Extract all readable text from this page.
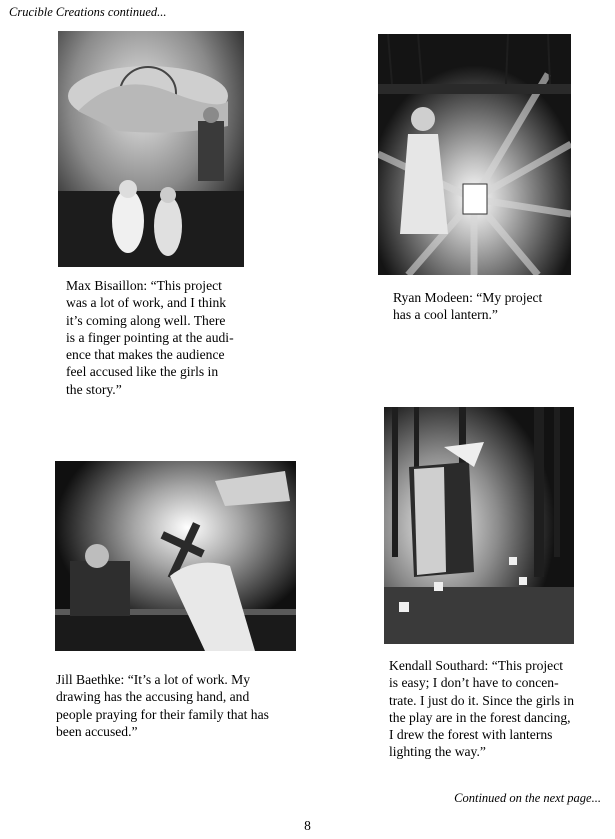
Crucible Creations continued...
Max Bisaillon: “This project
was a lot of work, and I think
it’s coming along well. There
is a finger pointing at the audi-
ence that makes the audience
feel accused like the girls in
the story.”
Ryan Modeen: “My project
has a cool lantern.”
Jill Baethke: “It’s a lot of work. My
drawing has the accusing hand, and
people praying for their family that has
been accused.”
Kendall Southard: “This project
is easy; I don’t have to concen-
trate. I just do it. Since the girls in
the play are in the forest dancing,
I drew the forest with lanterns
lighting the way.”
Continued on the next page...
8
